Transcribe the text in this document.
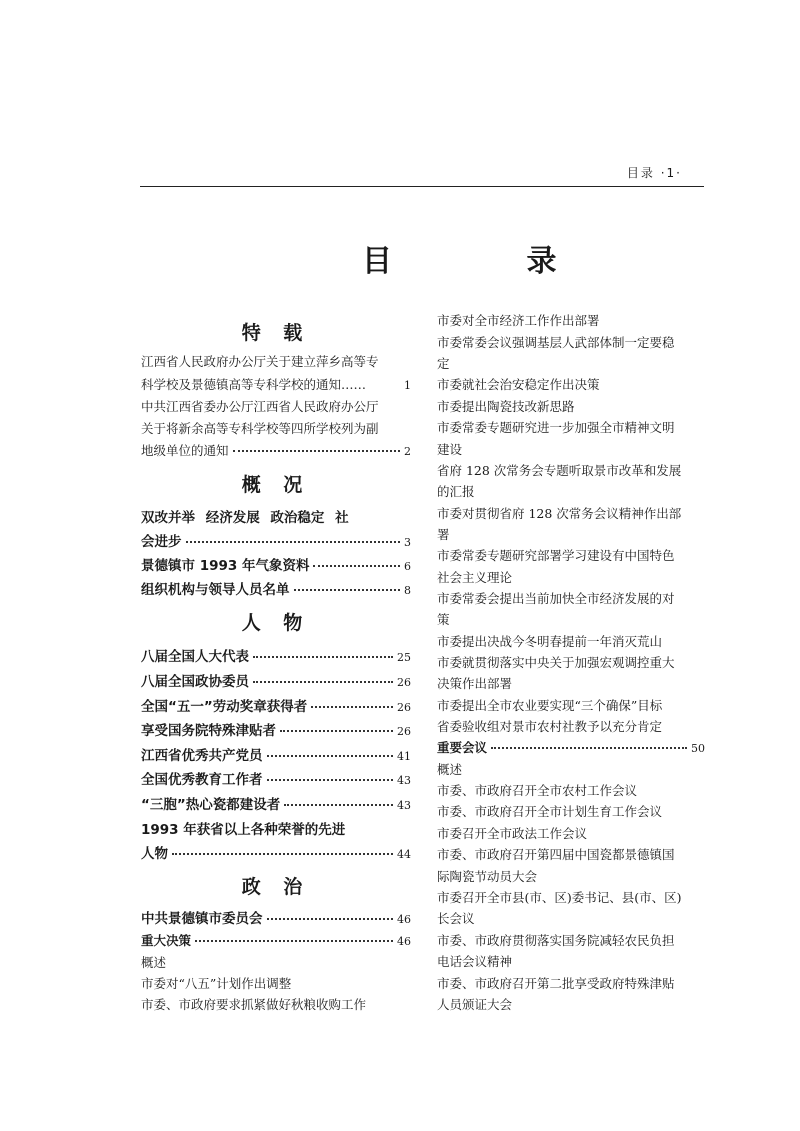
目录 ·1·
目 录
特 载
江西省人民政府办公厅关于建立萍乡高等专
科学校及景德镇高等专科学校的通知……	1
中共江西省委办公厅江西省人民政府办公厅
关于将新余高等专科学校等四所学校列为副
地级单位的通知	2
概 况
双改并举 经济发展 政治稳定 社
会进步	3
景德镇市 1993 年气象资料	6
组织机构与领导人员名单	8
人 物
八届全国人大代表	25
八届全国政协委员	26
全国“五一”劳动奖章获得者	26
享受国务院特殊津贴者	26
江西省优秀共产党员	41
全国优秀教育工作者	43
“三胞”热心瓷都建设者	43
1993 年获省以上各种荣誉的先进
人物	44
政 治
中共景德镇市委员会	46
重大决策	46
概述
市委对“八五”计划作出调整
市委、市政府要求抓紧做好秋粮收购工作
市委对全市经济工作作出部署
市委常委会议强调基层人武部体制一定要稳
定
市委就社会治安稳定作出决策
市委提出陶瓷技改新思路
市委常委专题研究进一步加强全市精神文明
建设
省府 128 次常务会专题听取景市改革和发展
的汇报
市委对贯彻省府 128 次常务会议精神作出部
署
市委常委专题研究部署学习建设有中国特色
社会主义理论
市委常委会提出当前加快全市经济发展的对
策
市委提出决战今冬明春提前一年消灭荒山
市委就贯彻落实中央关于加强宏观调控重大
决策作出部署
市委提出全市农业要实现“三个确保”目标
省委验收组对景市农村社教予以充分肯定
重要会议	50
概述
市委、市政府召开全市农村工作会议
市委、市政府召开全市计划生育工作会议
市委召开全市政法工作会议
市委、市政府召开第四届中国瓷都景德镇国
际陶瓷节动员大会
市委召开全市县(市、区)委书记、县(市、区)
长会议
市委、市政府贯彻落实国务院减轻农民负担
电话会议精神
市委、市政府召开第二批享受政府特殊津贴
人员颁证大会
